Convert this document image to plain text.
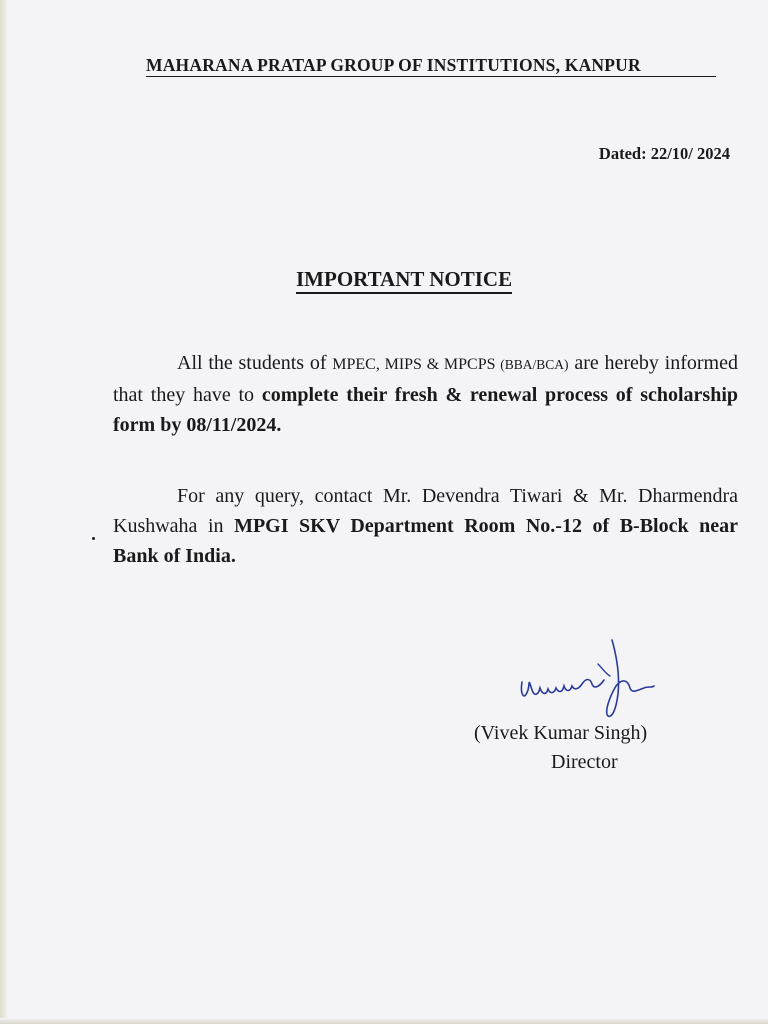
MAHARANA PRATAP GROUP OF INSTITUTIONS, KANPUR
Dated: 22/10/ 2024
IMPORTANT NOTICE
All the students of MPEC, MIPS & MPCPS (BBA/BCA) are hereby informed that they have to complete their fresh & renewal process of scholarship form by 08/11/2024.
For any query, contact Mr. Devendra Tiwari & Mr. Dharmendra Kushwaha in MPGI SKV Department Room No.-12 of B-Block near Bank of India.
(Vivek Kumar Singh)
Director
